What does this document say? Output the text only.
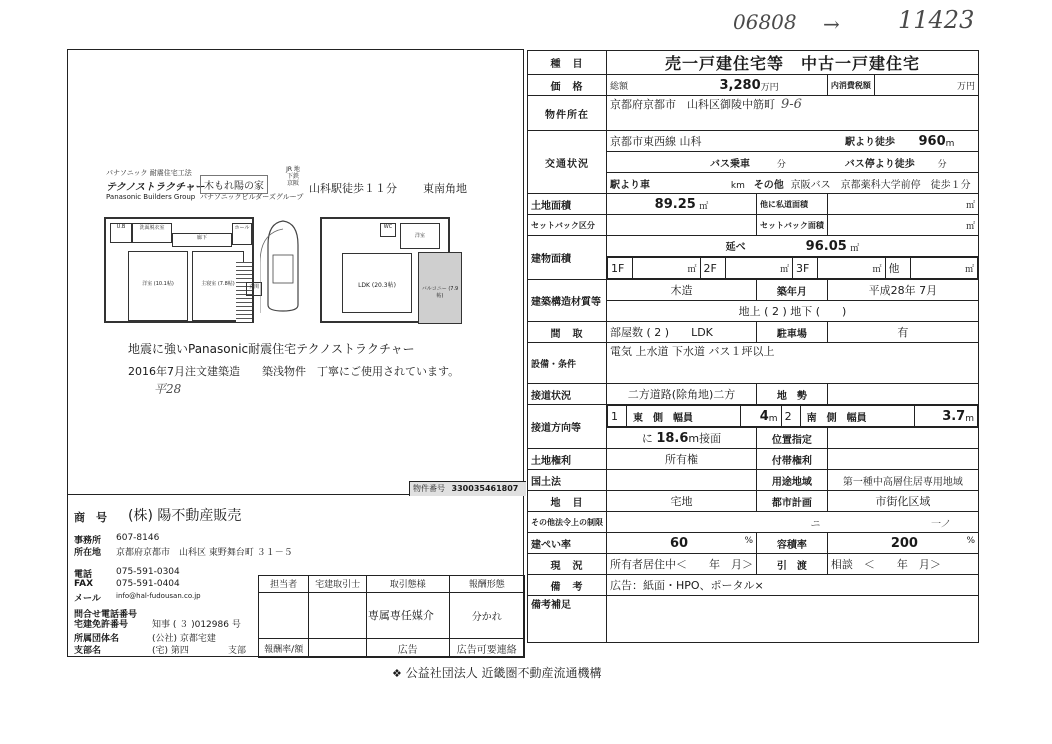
06808 → 11423
パナソニック 耐震住宅工法
テクノストラクチャー
Panasonic Builders Group
木もれ陽の家
パナソニックビルダーズグループ
JR 地下鉄 京阪 山科駅徒歩１１分 東南角地
U.B	洗面脱衣室
廊下
洋室 (10.1帖)	主寝室 (7.8帖)
ホール
玄関	LDK (20.3帖)
洋室
WC
バルコニー (7.9帖)
地震に強いPanasonic耐震住宅テクノストラクチャー
2016年7月注文建築造　　築浅物件　丁寧にご使用されています。
平28
物件番号 330035461807
商　号 (株) 陽不動産販売
事務所 607-8146
所在地 京都府京都市　山科区 東野舞台町 ３１－５
電話	075-591-0304
FAX	075-591-0404
メール info@hal-fudousan.co.jp
問合せ電話番号
宅建免許番号	知事 ( ３ )012986 号
所属団体名	(公社) 京都宅建
支部名	(宅) 第四	支部
担当者	宅建取引士	取引態様	報酬形態
		専属専任媒介	分かれ
報酬率/額		広告	広告可要連絡
種　目	売一戸建住宅等　中古一戸建住宅
価　格	総額	3,280万円	内消費税額	万円
物件所在	京都府京都市　山科区御陵中筋町 9-6
交通状況	京都市東西線 山科	駅より徒歩 960m
バス乗車	分	バス停より徒歩	分
駅より車	km その他 京阪バス　京都薬科大学前停　徒歩１分
土地面積	89.25 ㎡	他に私道面積	㎡
セットバック区分		セットバック面積	㎡
建物面積	延べ	96.05 ㎡

1F	㎡	2F	㎡	3F	㎡	他	㎡

建築構造材質等	木造	築年月	平成28年 7月
地上 ( 2 ) 地下 (　　)
間　取	部屋数 ( 2 )　　LDK	駐車場	有
設備・条件	電気 上水道 下水道 バス１坪以上
接道状況	二方道路(除角地)二方	地　勢	
接道方向等	
1	東　側　幅員	4m	2	南　側　幅員	3.7m

に 18.6m接面	位置指定	
土地権利	所有権	付帯権利	
国土法		用途地域	第一種中高層住居専用地域
地　目	宅地	都市計画	市街化区域
その他法令上の制限	ニ	一ノ
建ぺい率	60	%	容積率	200	%

現　況	所有者居住中＜　　年　月＞	引　渡	相談　＜　　年　月＞
備　考	広告：紙面・HPO、ポータル×
備考補足	
❖ 公益社団法人 近畿圏不動産流通機構
